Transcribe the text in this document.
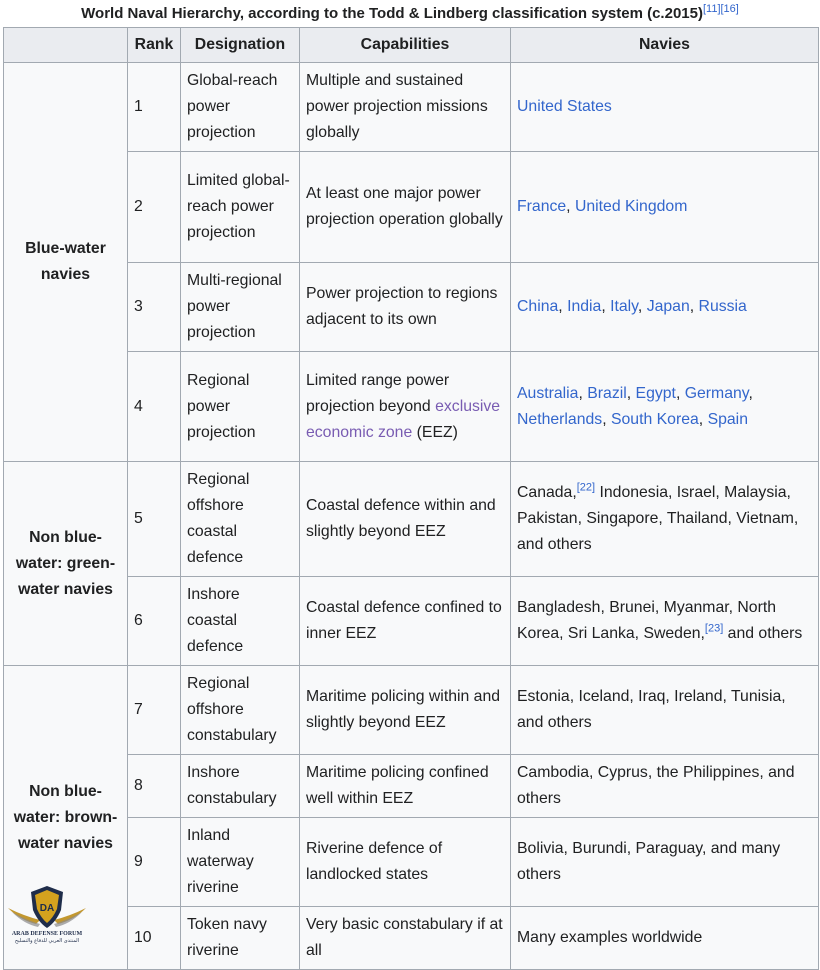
World Naval Hierarchy, according to the Todd & Lindberg classification system (c.2015)[11][16]
	Rank	Designation	Capabilities	Navies
Blue-water navies	1	Global-reach power projection	Multiple and sustained power projection missions globally	United States
	2	Limited global-reach power projection	At least one major power projection operation globally	France, United Kingdom
	3	Multi-regional power projection	Power projection to regions adjacent to its own	China, India, Italy, Japan, Russia
	4	Regional power projection	Limited range power projection beyond exclusive economic zone (EEZ)	Australia, Brazil, Egypt, Germany, Netherlands, South Korea, Spain
Non blue-water: green-water navies	5	Regional offshore coastal defence	Coastal defence within and slightly beyond EEZ	Canada,[22] Indonesia, Israel, Malaysia, Pakistan, Singapore, Thailand, Vietnam, and others
	6	Inshore coastal defence	Coastal defence confined to inner EEZ	Bangladesh, Brunei, Myanmar, North Korea, Sri Lanka, Sweden,[23] and others
Non blue-water: brown-water navies	7	Regional offshore constabulary	Maritime policing within and slightly beyond EEZ	Estonia, Iceland, Iraq, Ireland, Tunisia, and others
	8	Inshore constabulary	Maritime policing confined well within EEZ	Cambodia, Cyprus, the Philippines, and others
	9	Inland waterway riverine	Riverine defence of landlocked states	Bolivia, Burundi, Paraguay, and many others
	10	Token navy riverine	Very basic constabulary if at all	Many examples worldwide
DA
ARAB DEFENSE FORUM
المنتدى العربي للدفاع والتسليح
